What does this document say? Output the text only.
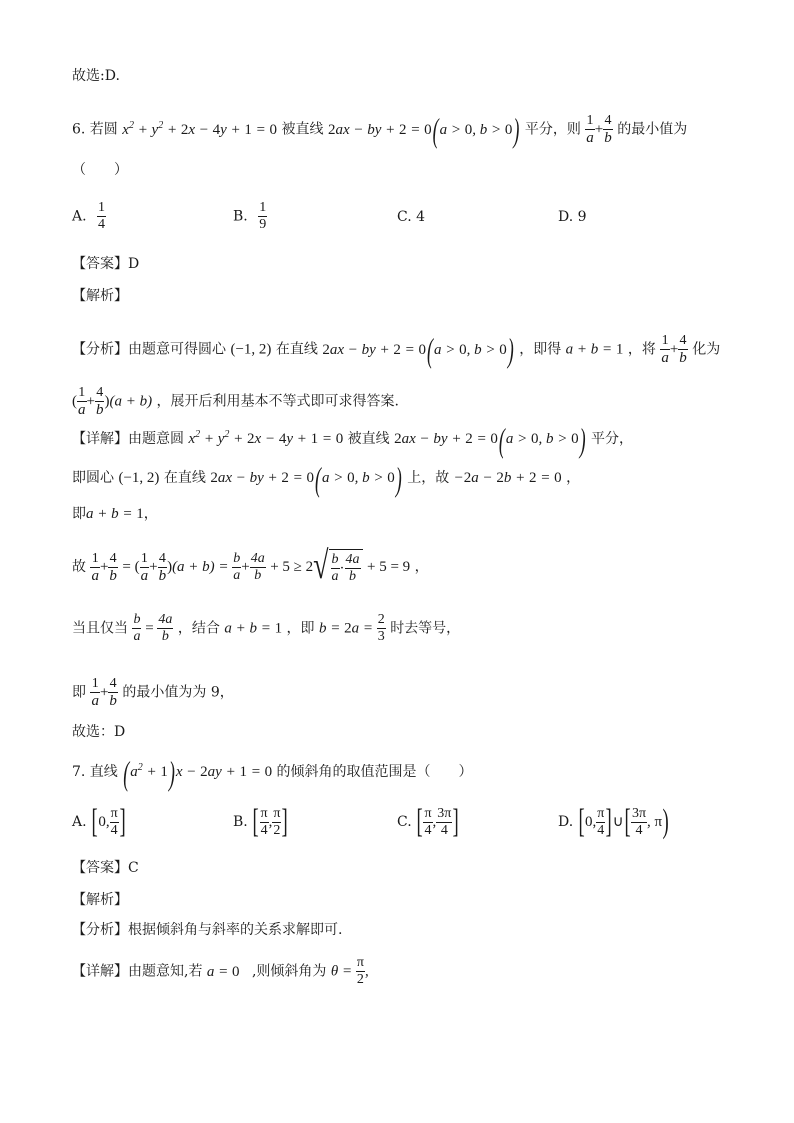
故选:D.
6. 若圆 $x^2 + y^2 + 2x - 4y + 1 = 0$ 被直线 2ax − by + 2 = 0(a > 0, b > 0) 平分，则 $\frac{1}{a} + \frac{4}{b}$ 的最小值为
（　　）
A. $\frac{1}{4}$	B. $\frac{1}{9}$	C. 4	D. 9
【答案】D
【解析】
【分析】由题意可得圆心 (−1, 2) 在直线 2ax − by + 2 = 0(a > 0, b > 0) ，即得 a + b = 1 ，将 $\frac{1}{a} + \frac{4}{b}$ 化为
( $\frac{1}{a} + \frac{4}{b} )(a + b)$ ，展开后利用基本不等式即可求得答案.
【详解】由题意圆 $x^2 + y^2 + 2x - 4y + 1 = 0$ 被直线 2ax − by + 2 = 0(a > 0, b > 0) 平分，
即圆心 (−1, 2) 在直线 2ax − by + 2 = 0(a > 0, b > 0) 上，故 −2a − 2b + 2 = 0 ，
即a + b = 1，
故 $\frac{1}{a} + \frac{4}{b}$ = ( $\frac{1}{a} + \frac{4}{b} )(a + b) = \frac{b}{a} + \frac{4a}{b} + 5 \ge 2√ \frac{b}{a} \cdot \frac{4a}{b} + 5 = 9$ ，
当且仅当 $\frac{b}{a} = \frac{4a}{b}$ ，结合 a + b = 1 ，即 $b = 2a = \frac{2}{3}$ 时去等号，
即 $\frac{1}{a} + \frac{4}{b}$ 的最小值为为 9，
故选：D
7. 直线 $(a^2 + 1)x - 2ay + 1 = 0$ 的倾斜角的取值范围是（　　）
A. [0, $\frac{\pi}{4}$ ]	B. [ $\frac{\pi}{4}$ , $\frac{\pi}{2}$ ]	C. [ $\frac{\pi}{4}$ , $\frac{3\pi}{4}$ ]	D. [0, $\frac{\pi}{4}$ ]∪[ $\frac{3\pi}{4}$ , π)
【答案】C
【解析】
【分析】根据倾斜角与斜率的关系求解即可.
【详解】由题意知,若 a = 0 ,则倾斜角为 $\theta = \frac{\pi}{2}$ ,
